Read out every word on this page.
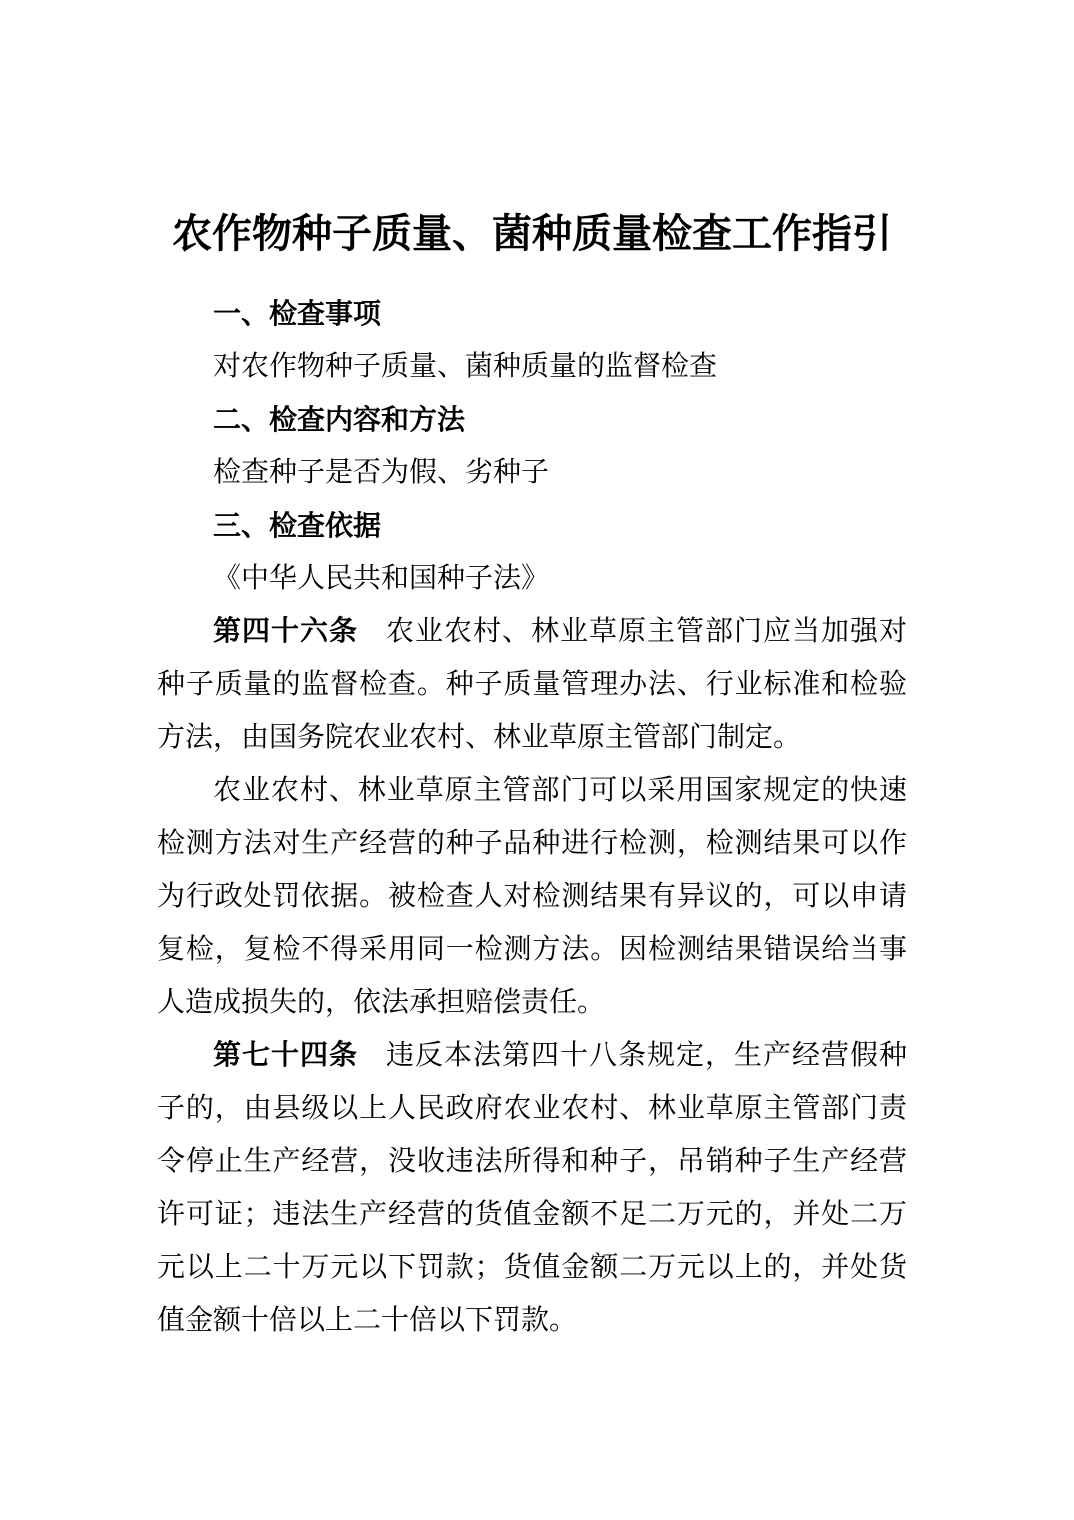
农作物种子质量、菌种质量检查工作指引

一、检查事项

对农作物种子质量、菌种质量的监督检查

二、检查内容和方法

检查种子是否为假、劣种子

三、检查依据

《中华人民共和国种子法》

第四十六条 农业农村、林业草原主管部门应当加强对种子质量的监督检查。种子质量管理办法、行业标准和检验方法，由国务院农业农村、林业草原主管部门制定。

农业农村、林业草原主管部门可以采用国家规定的快速检测方法对生产经营的种子品种进行检测，检测结果可以作为行政处罚依据。被检查人对检测结果有异议的，可以申请复检，复检不得采用同一检测方法。因检测结果错误给当事人造成损失的，依法承担赔偿责任。

第七十四条 违反本法第四十八条规定，生产经营假种子的，由县级以上人民政府农业农村、林业草原主管部门责令停止生产经营，没收违法所得和种子，吊销种子生产经营许可证；违法生产经营的货值金额不足二万元的，并处二万元以上二十万元以下罚款；货值金额二万元以上的，并处货值金额十倍以上二十倍以下罚款。
